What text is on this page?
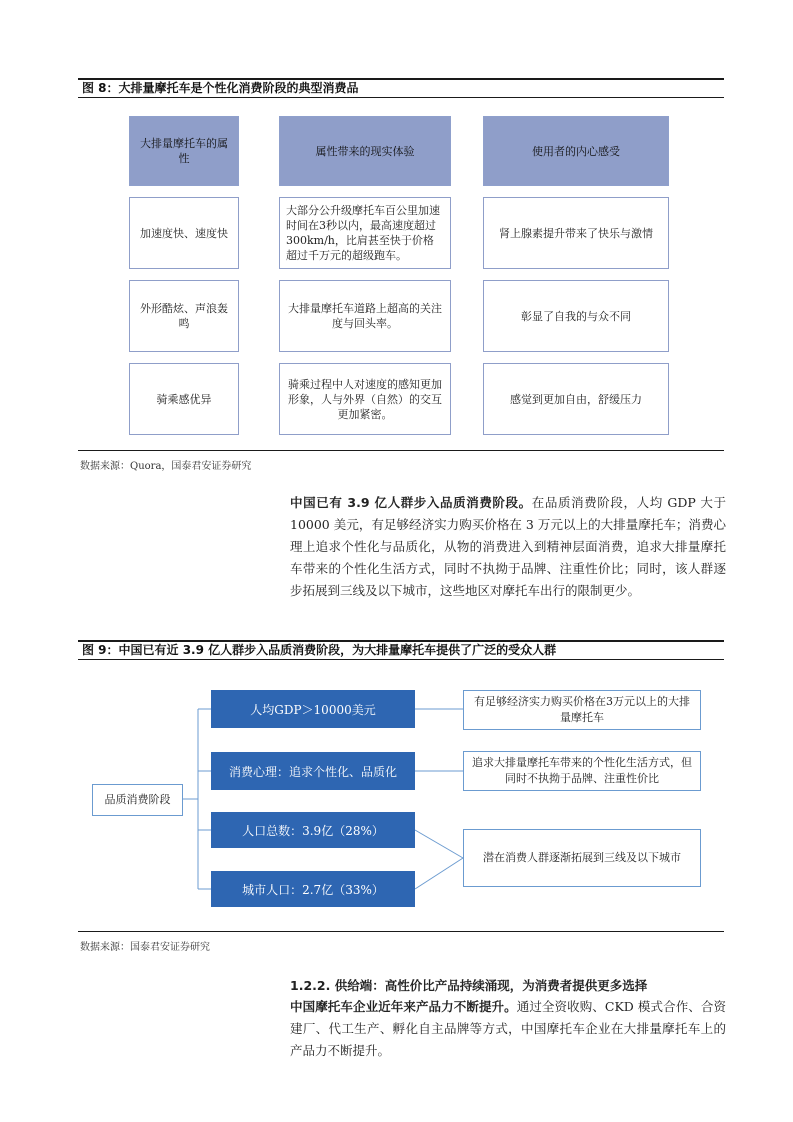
图 8：大排量摩托车是个性化消费阶段的典型消费品
大排量摩托车的属性
属性带来的现实体验	使用者的内心感受
加速度快、速度快
大部分公升级摩托车百公里加速时间在3秒以内，最高速度超过300km/h，比肩甚至快于价格超过千万元的超级跑车。
肾上腺素提升带来了快乐与激情
外形酷炫、声浪轰鸣
大排量摩托车道路上超高的关注度与回头率。
彰显了自我的与众不同
骑乘感优异
骑乘过程中人对速度的感知更加形象，人与外界（自然）的交互更加紧密。
感觉到更加自由，舒缓压力
数据来源：Quora，国泰君安证券研究
中国已有 3.9 亿人群步入品质消费阶段。在品质消费阶段，人均 GDP 大于 10000 美元，有足够经济实力购买价格在 3 万元以上的大排量摩托车；消费心理上追求个性化与品质化，从物的消费进入到精神层面消费，追求大排量摩托车带来的个性化生活方式，同时不执拗于品牌、注重性价比；同时，该人群逐步拓展到三线及以下城市，这些地区对摩托车出行的限制更少。
图 9：中国已有近 3.9 亿人群步入品质消费阶段，为大排量摩托车提供了广泛的受众人群
品质消费阶段
人均GDP＞10000美元
消费心理：追求个性化、品质化
人口总数：3.9亿（28%）
城市人口：2.7亿（33%）
有足够经济实力购买价格在3万元以上的大排量摩托车
追求大排量摩托车带来的个性化生活方式，但同时不执拗于品牌、注重性价比
潜在消费人群逐渐拓展到三线及以下城市
数据来源：国泰君安证券研究
1.2.2. 供给端：高性价比产品持续涌现，为消费者提供更多选择
中国摩托车企业近年来产品力不断提升。通过全资收购、CKD 模式合作、合资建厂、代工生产、孵化自主品牌等方式，中国摩托车企业在大排量摩托车上的产品力不断提升。
